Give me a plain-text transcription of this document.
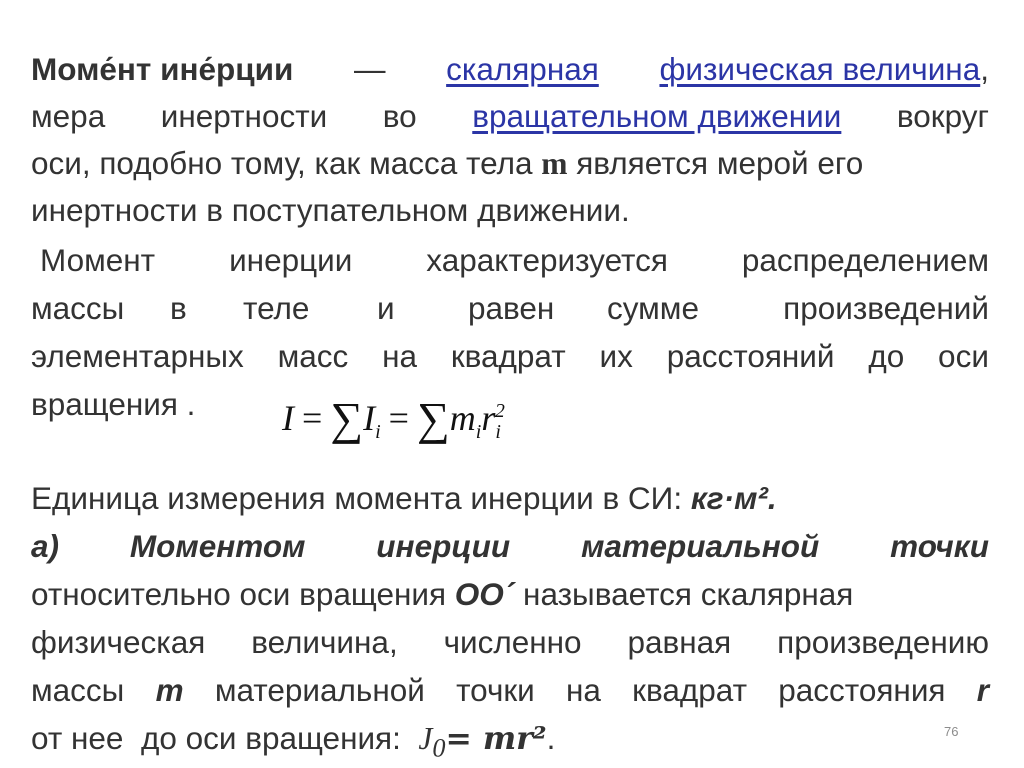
Моме́нт ине́рции — скалярная физическая величина,
мера инертности во вращательном движении вокруг
оси, подобно тому, как масса тела m является мерой его
инертности в поступательном движении.
Момент инерции характеризуется распределением
массы в теле и равен сумме	произведений
элементарных масс на квадрат их расстояний до оси
вращения .	$I = \sum I_i = \sum m_ir_i^2$
Единица измерения момента инерции в СИ: кг·м².
а) Моментом инерции материальной точки
относительно оси вращения ОО´ называется скалярная
физическая величина, численно равная произведению
массы m материальной точки на квадрат расстояния r
от нее  до оси вращения:  $J_0= mr^2$.	76
